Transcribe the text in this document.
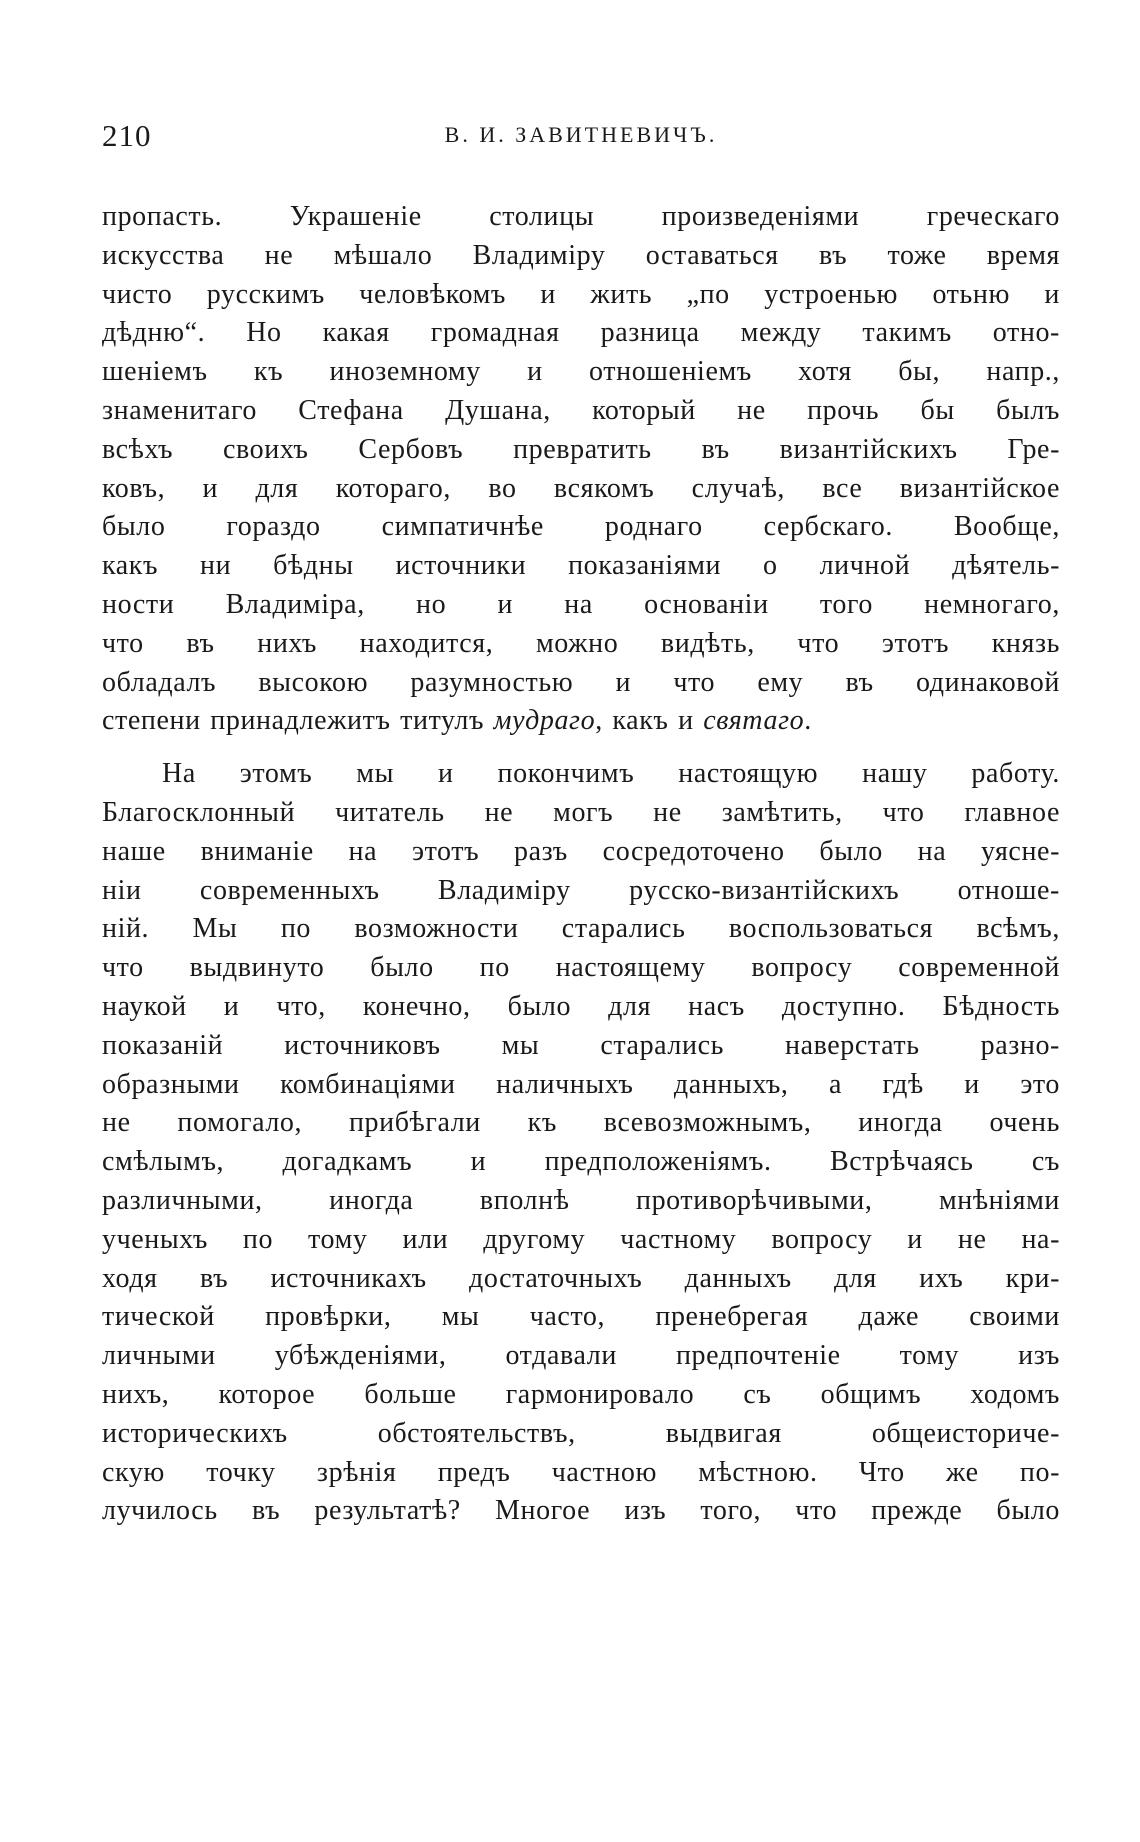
210	В. И. ЗАВИТНЕВИЧЪ.
пропасть. Украшеніе столицы произведеніями греческаго
искусства не мѣшало Владиміру оставаться въ тоже время
чисто русскимъ человѣкомъ и жить „по устроенью отьню и
дѣдню“. Но какая громадная разница между такимъ отно-
шеніемъ къ иноземному и отношеніемъ хотя бы, напр.,
знаменитаго Стефана Душана, который не прочь бы былъ
всѣхъ своихъ Сербовъ превратить въ византійскихъ Гре-
ковъ, и для котораго, во всякомъ случаѣ, все византійское
было гораздо симпатичнѣе роднаго сербскаго. Вообще,
какъ ни бѣдны источники показаніями о личной дѣятель-
ности Владиміра, но и на основаніи того немногаго,
что въ нихъ находится, можно видѣть, что этотъ князь
обладалъ высокою разумностью и что ему въ одинаковой
степени принадлежитъ титулъ мудраго, какъ и святаго.
На этомъ мы и покончимъ настоящую нашу работу.
Благосклонный читатель не могъ не замѣтить, что главное
наше вниманіе на этотъ разъ сосредоточено было на уясне-
ніи современныхъ Владиміру русско-византійскихъ отноше-
ній. Мы по возможности старались воспользоваться всѣмъ,
что выдвинуто было по настоящему вопросу современной
наукой и что, конечно, было для насъ доступно. Бѣдность
показаній источниковъ мы старались наверстать разно-
образными комбинаціями наличныхъ данныхъ, а гдѣ и это
не помогало, прибѣгали къ всевозможнымъ, иногда очень
смѣлымъ, догадкамъ и предположеніямъ. Встрѣчаясь съ
различными, иногда вполнѣ противорѣчивыми, мнѣніями
ученыхъ по тому или другому частному вопросу и не на-
ходя въ источникахъ достаточныхъ данныхъ для ихъ кри-
тической провѣрки, мы часто, пренебрегая даже своими
личными убѣжденіями, отдавали предпочтеніе тому изъ
нихъ, которое больше гармонировало съ общимъ ходомъ
историческихъ обстоятельствъ, выдвигая общеисториче-
скую точку зрѣнія предъ частною мѣстною. Что же по-
лучилось въ результатѣ? Многое изъ того, что прежде было
